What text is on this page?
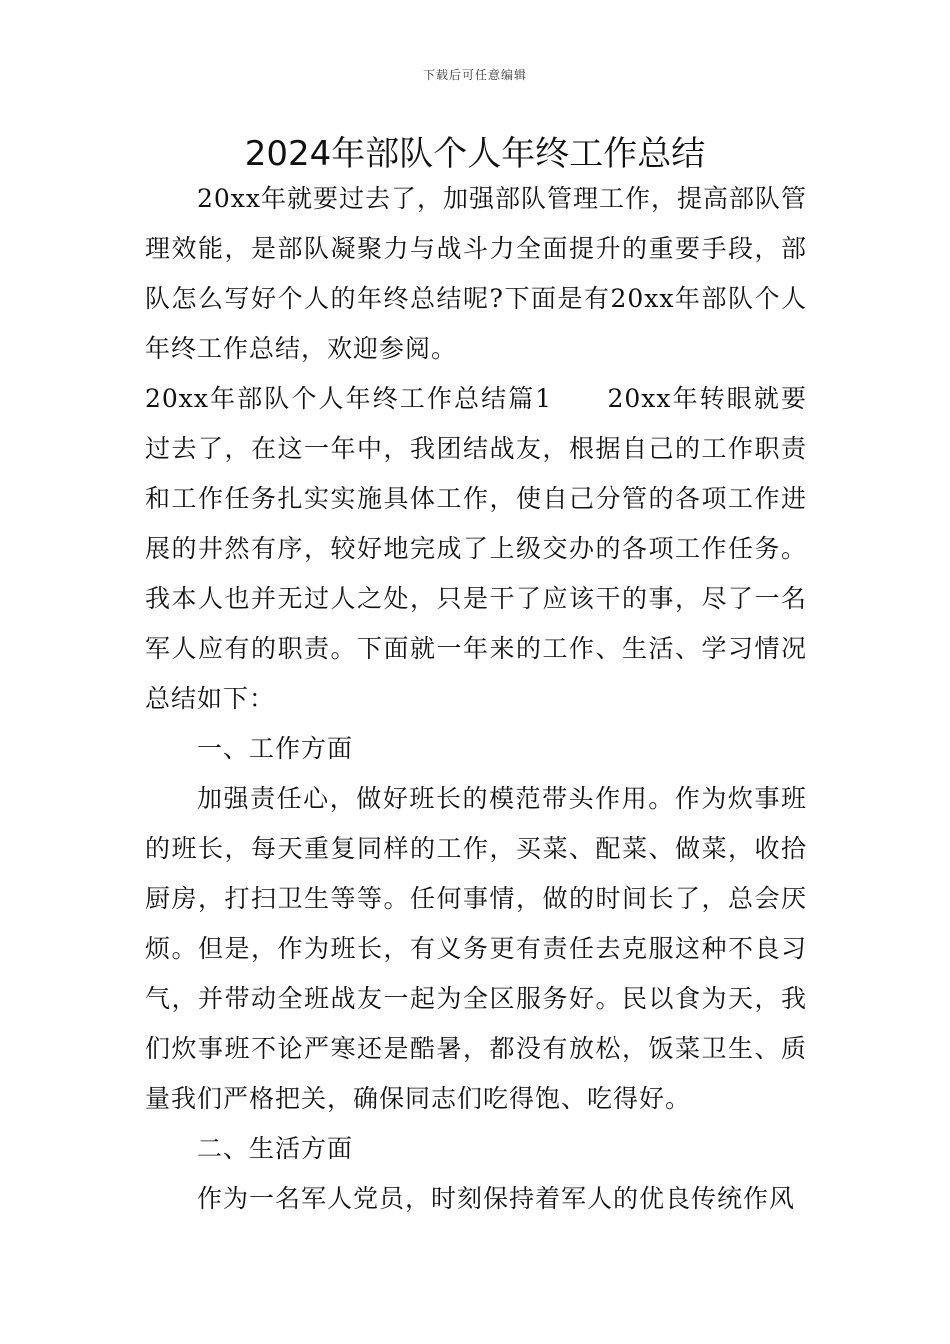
下载后可任意编辑
2024年部队个人年终工作总结

20xx年就要过去了，加强部队管理工作，提高部队管理效能，是部队凝聚力与战斗力全面提升的重要手段，部队怎么写好个人的年终总结呢?下面是有20xx年部队个人年终工作总结，欢迎参阅。

20xx年部队个人年终工作总结篇1　　20xx年转眼就要过去了，在这一年中，我团结战友，根据自己的工作职责和工作任务扎实实施具体工作，使自己分管的各项工作进展的井然有序，较好地完成了上级交办的各项工作任务。我本人也并无过人之处，只是干了应该干的事，尽了一名军人应有的职责。下面就一年来的工作、生活、学习情况总结如下：

一、工作方面

加强责任心，做好班长的模范带头作用。作为炊事班的班长，每天重复同样的工作，买菜、配菜、做菜，收拾厨房，打扫卫生等等。任何事情，做的时间长了，总会厌烦。但是，作为班长，有义务更有责任去克服这种不良习气，并带动全班战友一起为全区服务好。民以食为天，我们炊事班不论严寒还是酷暑，都没有放松，饭菜卫生、质量我们严格把关，确保同志们吃得饱、吃得好。

二、生活方面

作为一名军人党员，时刻保持着军人的优良传统作风
